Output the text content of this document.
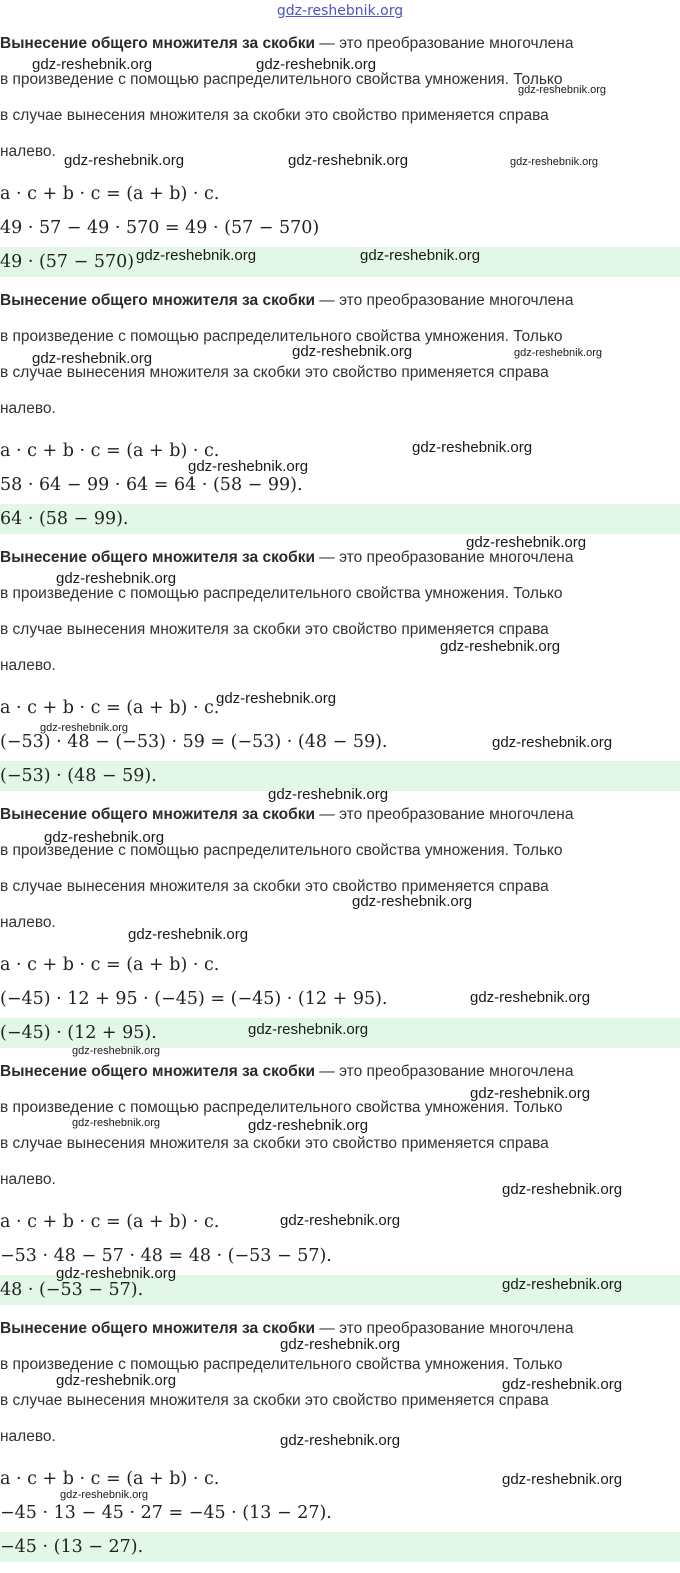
gdz-reshebnik.org
Вынесение общего множителя за скобки — это преобразование многочлена
в произведение с помощью распределительного свойства умножения. Только
в случае вынесения множителя за скобки это свойство применяется справа
налево.
a · c + b · c = (a + b) · c.
49 · 57 − 49 · 570 = 49 · (57 − 570)
49 · (57 − 570)
Вынесение общего множителя за скобки — это преобразование многочлена
в произведение с помощью распределительного свойства умножения. Только
в случае вынесения множителя за скобки это свойство применяется справа
налево.
a · c + b · c = (a + b) · c.
58 · 64 − 99 · 64 = 64 · (58 − 99).
64 · (58 − 99).
Вынесение общего множителя за скобки — это преобразование многочлена
в произведение с помощью распределительного свойства умножения. Только
в случае вынесения множителя за скобки это свойство применяется справа
налево.
a · c + b · c = (a + b) · c.
(−53) · 48 − (−53) · 59 = (−53) · (48 − 59).
(−53) · (48 − 59).
Вынесение общего множителя за скобки — это преобразование многочлена
в произведение с помощью распределительного свойства умножения. Только
в случае вынесения множителя за скобки это свойство применяется справа
налево.
a · c + b · c = (a + b) · c.
(−45) · 12 + 95 · (−45) = (−45) · (12 + 95).
(−45) · (12 + 95).
Вынесение общего множителя за скобки — это преобразование многочлена
в произведение с помощью распределительного свойства умножения. Только
в случае вынесения множителя за скобки это свойство применяется справа
налево.
a · c + b · c = (a + b) · c.
−53 · 48 − 57 · 48 = 48 · (−53 − 57).
48 · (−53 − 57).
Вынесение общего множителя за скобки — это преобразование многочлена
в произведение с помощью распределительного свойства умножения. Только
в случае вынесения множителя за скобки это свойство применяется справа
налево.
a · c + b · c = (a + b) · c.
−45 · 13 − 45 · 27 = −45 · (13 − 27).
−45 · (13 − 27).
gdz-reshebnik.org	gdz-reshebnik.org
gdz-reshebnik.org
gdz-reshebnik.org	gdz-reshebnik.org	gdz-reshebnik.org
gdz-reshebnik.org	gdz-reshebnik.org
gdz-reshebnik.org	gdz-reshebnik.org
gdz-reshebnik.org
gdz-reshebnik.org
gdz-reshebnik.org
gdz-reshebnik.org
gdz-reshebnik.org
gdz-reshebnik.org
gdz-reshebnik.org
gdz-reshebnik.org
gdz-reshebnik.org
gdz-reshebnik.org
gdz-reshebnik.org
gdz-reshebnik.org
gdz-reshebnik.org
gdz-reshebnik.org
gdz-reshebnik.org
gdz-reshebnik.org
gdz-reshebnik.org
gdz-reshebnik.org	gdz-reshebnik.org
gdz-reshebnik.org
gdz-reshebnik.org
gdz-reshebnik.org
gdz-reshebnik.org
gdz-reshebnik.org
gdz-reshebnik.org	gdz-reshebnik.org
gdz-reshebnik.org
gdz-reshebnik.org
gdz-reshebnik.org
